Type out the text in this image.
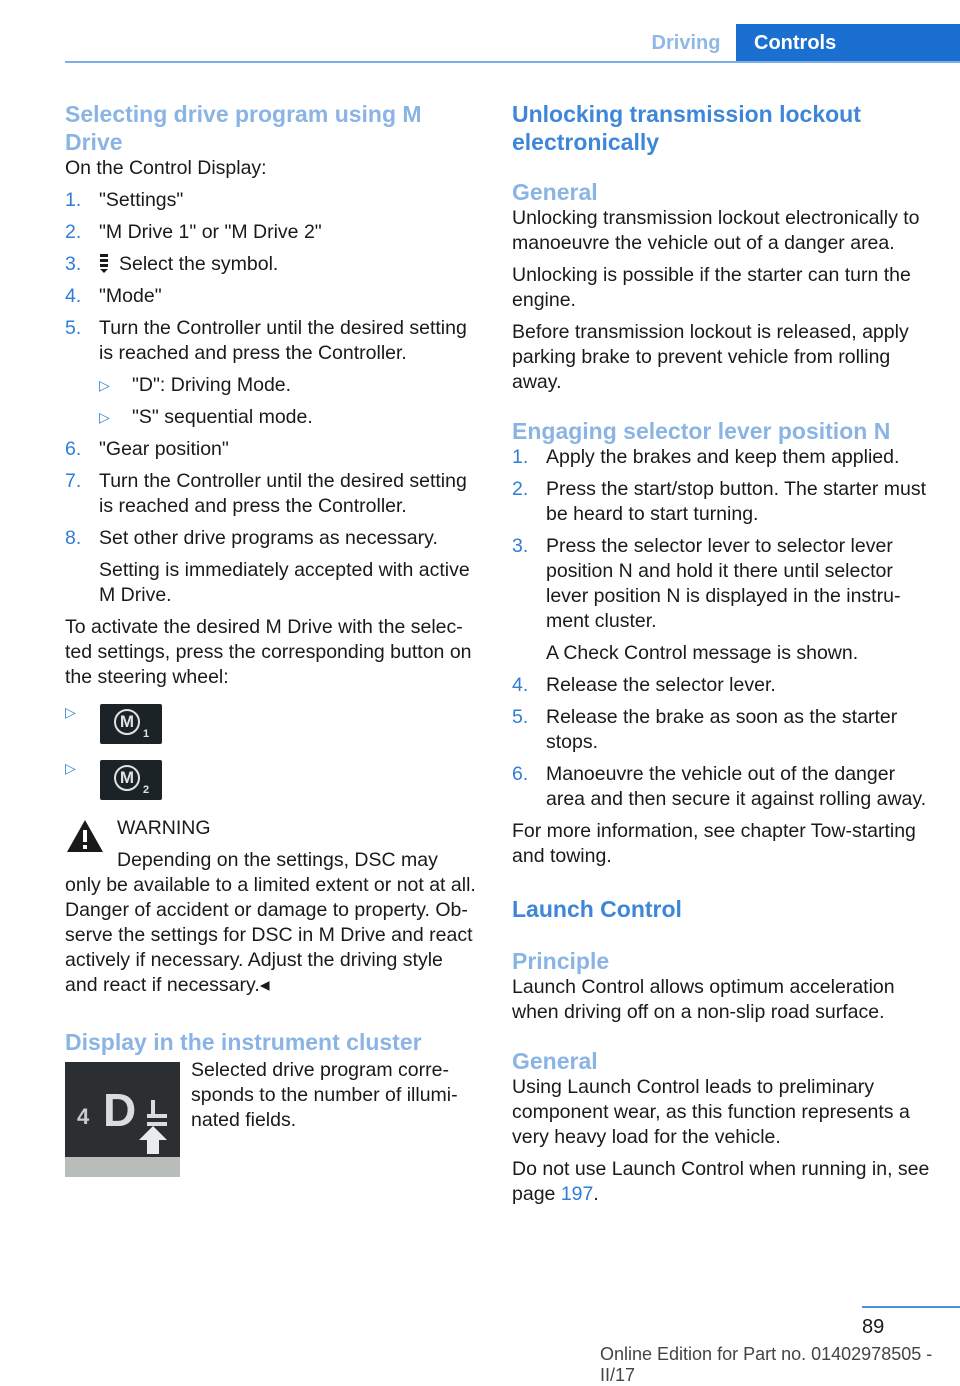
Driving	Controls
Selecting drive program using M Drive

On the Control Display:

1. "Settings"
2. "M Drive 1" or "M Drive 2"
3. Select the symbol.
4. "Mode"
5. Turn the Controller until the desired setting is reached and press the Controller.
▷ "D": Driving Mode.
▷ "S" sequential mode.
6. "Gear position"
7. Turn the Controller until the desired setting is reached and press the Controller.
8. Set other drive programs as necessary.
Setting is immediately accepted with active M Drive.

To activate the desired M Drive with the selected settings, press the corresponding button on the steering wheel:

▷	M
1
▷	M
2
WARNING
Depending on the settings, DSC may
only be available to a limited extent or not at all. Danger of accident or damage to property. Observe the settings for DSC in M Drive and react actively if necessary. Adjust the driving style and react if necessary.◂
Display in the instrument cluster
4 D
Selected drive program corresponds to the number of illuminated fields.
Unlocking transmission lockout electronically
General

Unlocking transmission lockout electronically to manoeuvre the vehicle out of a danger area.

Unlocking is possible if the starter can turn the engine.

Before transmission lockout is released, apply parking brake to prevent vehicle from rolling away.

Engaging selector lever position N
1. Apply the brakes and keep them applied.
2. Press the start/stop button. The starter must be heard to start turning.
3. Press the selector lever to selector lever position N and hold it there until selector lever position N is displayed in the instrument cluster.
A Check Control message is shown.
4. Release the selector lever.
5. Release the brake as soon as the starter stops.
6. Manoeuvre the vehicle out of the danger area and then secure it against rolling away.

For more information, see chapter Tow-starting and towing.

Launch Control
Principle

Launch Control allows optimum acceleration when driving off on a non-slip road surface.

General

Using Launch Control leads to preliminary component wear, as this function represents a very heavy load for the vehicle.

Do not use Launch Control when running in, see page 197.

89
Online Edition for Part no. 01402978505 - II/17
